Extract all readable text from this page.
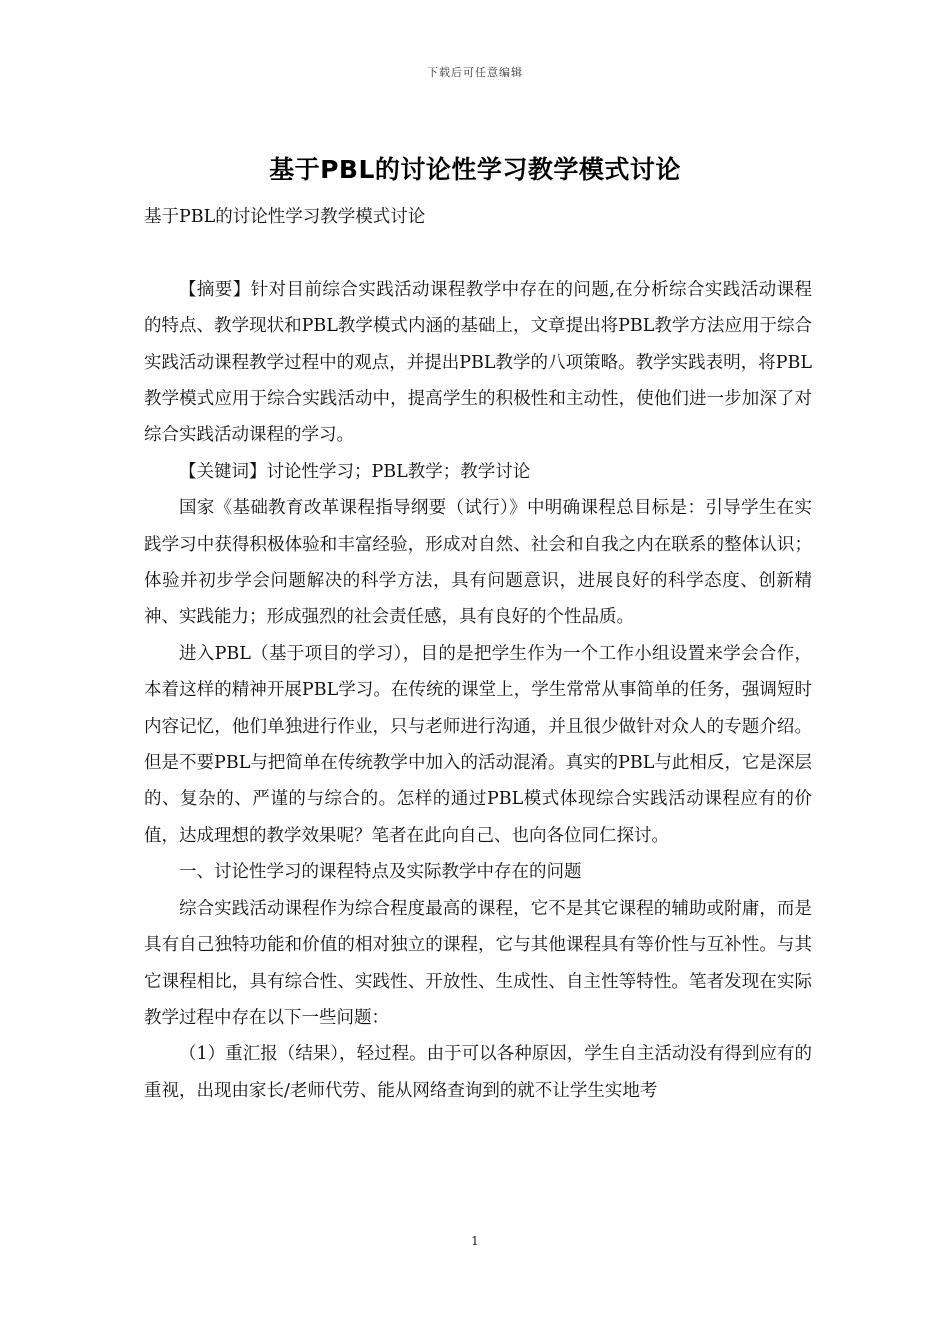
下载后可任意编辑
基于PBL的讨论性学习教学模式讨论

基于PBL的讨论性学习教学模式讨论

【摘要】针对目前综合实践活动课程教学中存在的问题,在分析综合实践活动课程的特点、教学现状和PBL教学模式内涵的基础上，文章提出将PBL教学方法应用于综合实践活动课程教学过程中的观点，并提出PBL教学的八项策略。教学实践表明，将PBL教学模式应用于综合实践活动中，提高学生的积极性和主动性，使他们进一步加深了对综合实践活动课程的学习。

【关键词】讨论性学习；PBL教学；教学讨论

国家《基础教育改革课程指导纲要（试行）》中明确课程总目标是：引导学生在实践学习中获得积极体验和丰富经验，形成对自然、社会和自我之内在联系的整体认识；体验并初步学会问题解决的科学方法，具有问题意识，进展良好的科学态度、创新精神、实践能力；形成强烈的社会责任感，具有良好的个性品质。

进入PBL（基于项目的学习），目的是把学生作为一个工作小组设置来学会合作，本着这样的精神开展PBL学习。在传统的课堂上，学生常常从事简单的任务，强调短时内容记忆，他们单独进行作业，只与老师进行沟通，并且很少做针对众人的专题介绍。但是不要PBL与把简单在传统教学中加入的活动混淆。真实的PBL与此相反，它是深层的、复杂的、严谨的与综合的。怎样的通过PBL模式体现综合实践活动课程应有的价值，达成理想的教学效果呢？笔者在此向自己、也向各位同仁探讨。

一、讨论性学习的课程特点及实际教学中存在的问题

综合实践活动课程作为综合程度最高的课程，它不是其它课程的辅助或附庸，而是具有自己独特功能和价值的相对独立的课程，它与其他课程具有等价性与互补性。与其它课程相比，具有综合性、实践性、开放性、生成性、自主性等特性。笔者发现在实际教学过程中存在以下一些问题：

（1）重汇报（结果），轻过程。由于可以各种原因，学生自主活动没有得到应有的重视，出现由家长/老师代劳、能从网络查询到的就不让学生实地考

1
